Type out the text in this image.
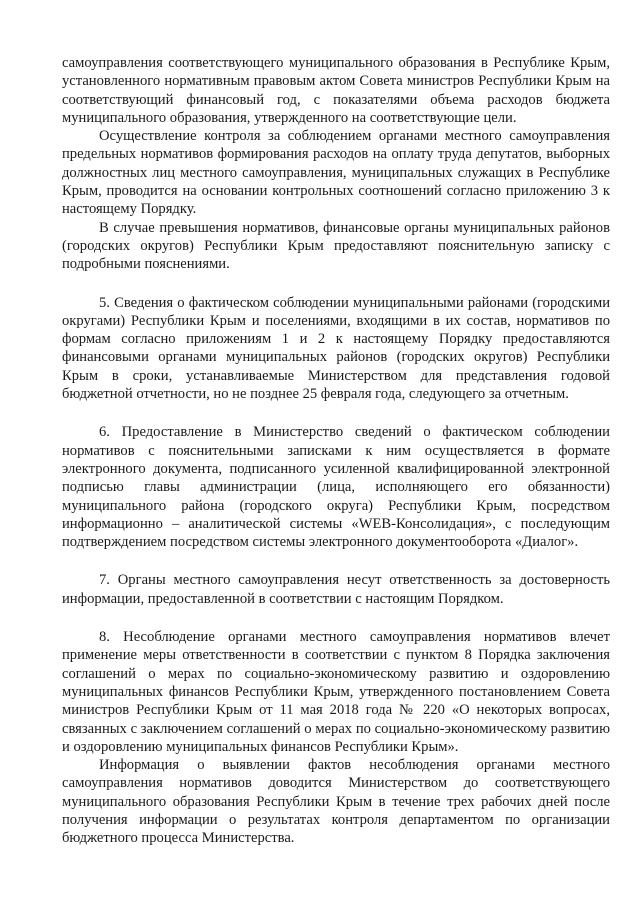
самоуправления соответствующего муниципального образования в Республике Крым, установленного нормативным правовым актом Совета министров Республики Крым на соответствующий финансовый год, с показателями объема расходов бюджета муниципального образования, утвержденного на соответствующие цели.

Осуществление контроля за соблюдением органами местного самоуправления предельных нормативов формирования расходов на оплату труда депутатов, выборных должностных лиц местного самоуправления, муниципальных служащих в Республике Крым, проводится на основании контрольных соотношений согласно приложению 3 к настоящему Порядку.

В случае превышения нормативов, финансовые органы муниципальных районов (городских округов) Республики Крым предоставляют пояснительную записку с подробными пояснениями.

5. Сведения о фактическом соблюдении муниципальными районами (городскими округами) Республики Крым и поселениями, входящими в их состав, нормативов по формам согласно приложениям 1 и 2 к настоящему Порядку предоставляются финансовыми органами муниципальных районов (городских округов) Республики Крым в сроки, устанавливаемые Министерством для представления годовой бюджетной отчетности, но не позднее 25 февраля года, следующего за отчетным.

6. Предоставление в Министерство сведений о фактическом соблюдении нормативов с пояснительными записками к ним осуществляется в формате электронного документа, подписанного усиленной квалифицированной электронной подписью главы администрации (лица, исполняющего его обязанности) муниципального района (городского округа) Республики Крым, посредством информационно – аналитической системы «WEB-Консолидация», с последующим подтверждением посредством системы электронного документооборота «Диалог».

7. Органы местного самоуправления несут ответственность за достоверность информации, предоставленной в соответствии с настоящим Порядком.

8. Несоблюдение органами местного самоуправления нормативов влечет применение меры ответственности в соответствии с пунктом 8 Порядка заключения соглашений о мерах по социально-экономическому развитию и оздоровлению муниципальных финансов Республики Крым, утвержденного постановлением Совета министров Республики Крым от 11 мая 2018 года № 220 «О некоторых вопросах, связанных с заключением соглашений о мерах по социально-экономическому развитию и оздоровлению муниципальных финансов Республики Крым».

Информация о выявлении фактов несоблюдения органами местного самоуправления нормативов доводится Министерством до соответствующего муниципального образования Республики Крым в течение трех рабочих дней после получения информации о результатах контроля департаментом по организации бюджетного процесса Министерства.
